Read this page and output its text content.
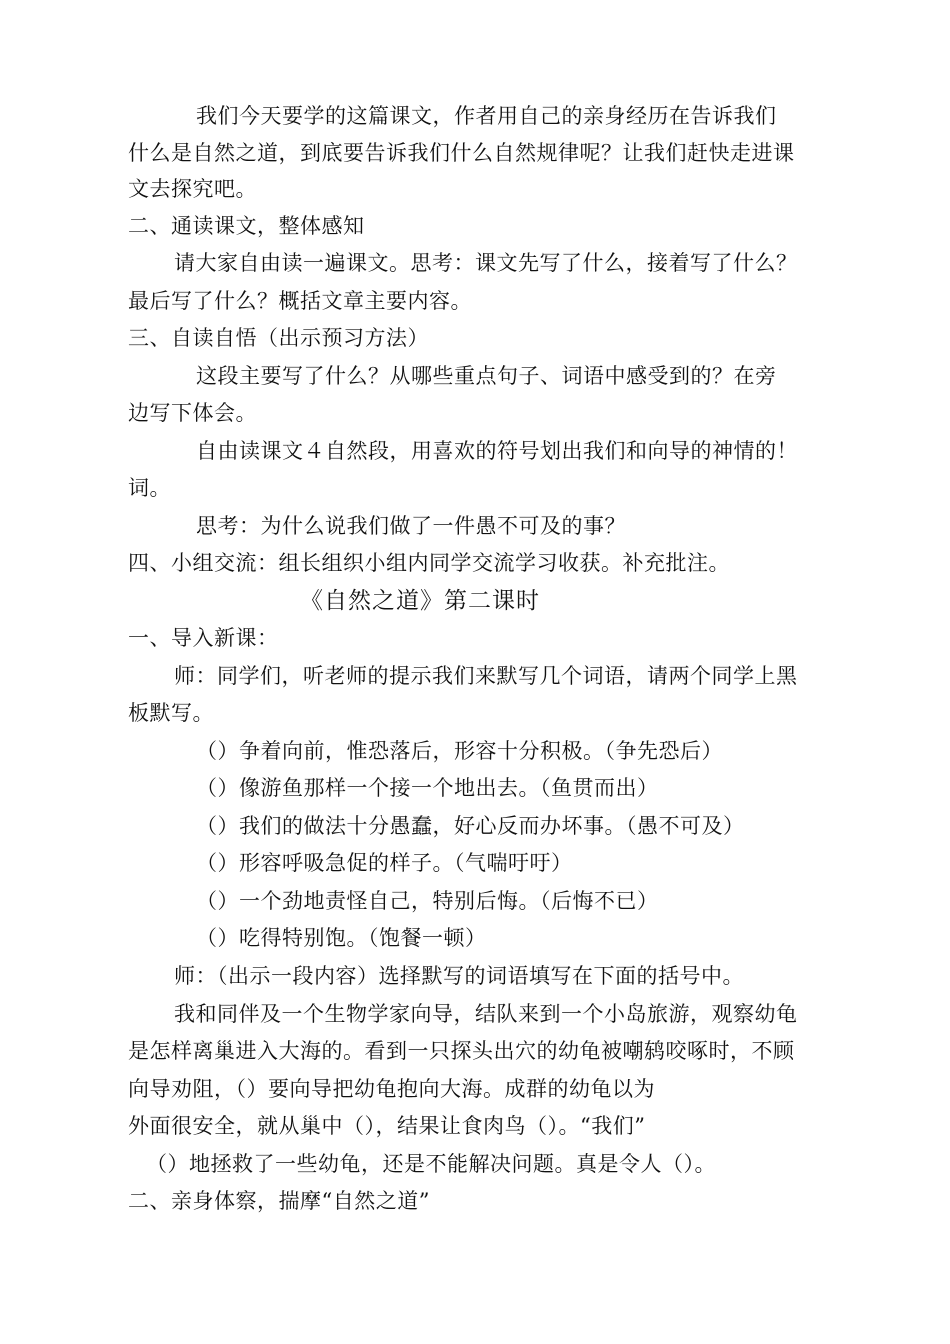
我们今天要学的这篇课文，作者用自己的亲身经历在告诉我们
什么是自然之道，到底要告诉我们什么自然规律呢？让我们赶快走进课
文去探究吧。
二、通读课文，整体感知
请大家自由读一遍课文。思考：课文先写了什么，接着写了什么？
最后写了什么？概括文章主要内容。
三、自读自悟（出示预习方法）
这段主要写了什么？从哪些重点句子、词语中感受到的？在旁
边写下体会。
自由读课文４自然段，用喜欢的符号划出我们和向导的神情的！
词。
思考：为什么说我们做了一件愚不可及的事？
四、小组交流：组长组织小组内同学交流学习收获。补充批注。
《自然之道》第二课时
一、导入新课：
师：同学们，听老师的提示我们来默写几个词语，请两个同学上黑
板默写。
（）争着向前，惟恐落后，形容十分积极。（争先恐后）
（）像游鱼那样一个接一个地出去。（鱼贯而出）
（）我们的做法十分愚蠢，好心反而办坏事。（愚不可及）
（）形容呼吸急促的样子。（气喘吁吁）
（）一个劲地责怪自己，特别后悔。（后悔不已）
（）吃得特别饱。（饱餐一顿）
师：（出示一段内容）选择默写的词语填写在下面的括号中。
我和同伴及一个生物学家向导，结队来到一个小岛旅游，观察幼龟
是怎样离巢进入大海的。看到一只探头出穴的幼龟被嘲鸫咬啄时，不顾
向导劝阻，（）要向导把幼龟抱向大海。成群的幼龟以为
外面很安全，就从巢中（），结果让食肉鸟（）。“我们”
（）地拯救了一些幼龟，还是不能解决问题。真是令人（）。
二、亲身体察，揣摩“自然之道”
